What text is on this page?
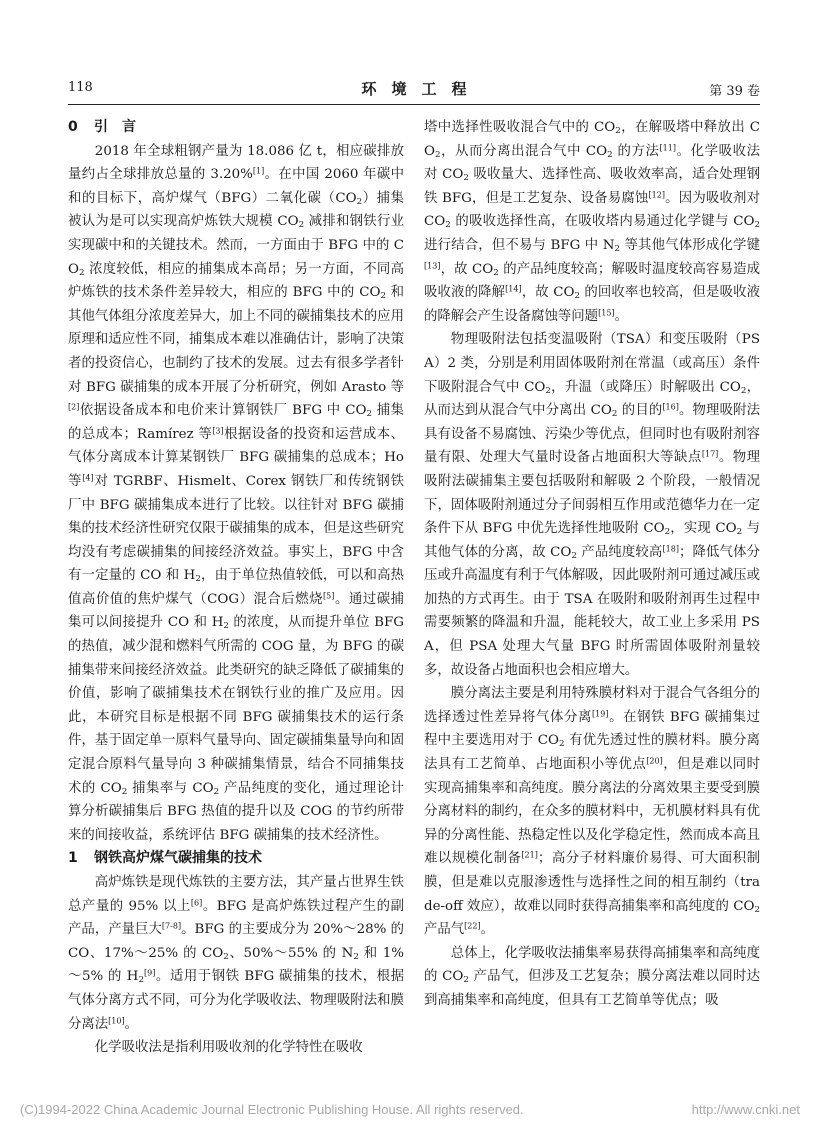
118	环　境　工　程	第 39 卷
0 引　言

2018 年全球粗钢产量为 18.086 亿 t，相应碳排放量约占全球排放总量的 3.20%[1]。在中国 2060 年碳中和的目标下，高炉煤气（BFG）二氧化碳$(CO_2)$捕集被认为是可以实现高炉炼铁大规模 $CO_2$ 减排和钢铁行业实现碳中和的关键技术。然而，一方面由于 BFG 中的 $CO_2$ 浓度较低，相应的捕集成本高昂；另一方面，不同高炉炼铁的技术条件差异较大，相应的 BFG 中的 $CO_2$ 和其他气体组分浓度差异大，加上不同的碳捕集技术的应用原理和适应性不同，捕集成本难以准确估计，影响了决策者的投资信心，也制约了技术的发展。过去有很多学者针对 BFG 碳捕集的成本开展了分析研究，例如 Arasto 等[2]依据设备成本和电价来计算钢铁厂 BFG 中 $CO_2$ 捕集的总成本；Ramírez 等[3]根据设备的投资和运营成本、气体分离成本计算某钢铁厂 BFG 碳捕集的总成本；Ho 等[4]对 TGRBF、Hismelt、Corex 钢铁厂和传统钢铁厂中 BFG 碳捕集成本进行了比较。以往针对 BFG 碳捕集的技术经济性研究仅限于碳捕集的成本，但是这些研究均没有考虑碳捕集的间接经济效益。事实上，BFG 中含有一定量的 CO 和 $H_2$，由于单位热值较低，可以和高热值高价值的焦炉煤气（COG）混合后燃烧[5]。通过碳捕集可以间接提升 CO 和 $H_2$ 的浓度，从而提升单位 BFG 的热值，减少混和燃料气所需的 COG 量，为 BFG 的碳捕集带来间接经济效益。此类研究的缺乏降低了碳捕集的价值，影响了碳捕集技术在钢铁行业的推广及应用。因此，本研究目标是根据不同 BFG 碳捕集技术的运行条件，基于固定单一原料气量导向、固定碳捕集量导向和固定混合原料气量导向 3 种碳捕集情景，结合不同捕集技术的 $CO_2$ 捕集率与 $CO_2$ 产品纯度的变化，通过理论计算分析碳捕集后 BFG 热值的提升以及 COG 的节约所带来的间接收益，系统评估 BFG 碳捕集的技术经济性。

1 钢铁高炉煤气碳捕集的技术

高炉炼铁是现代炼铁的主要方法，其产量占世界生铁总产量的 95% 以上[6]。BFG 是高炉炼铁过程产生的副产品，产量巨大[7-8]。BFG 的主要成分为 20%～28% 的 CO、17%～25% 的 $CO_2$、50%～55% 的 $N_2$ 和 1%～5% 的 $H_2[9]$。适用于钢铁 BFG 碳捕集的技术，根据气体分离方式不同，可分为化学吸收法、物理吸附法和膜分离法[10]。

化学吸收法是指利用吸收剂的化学特性在吸收

塔中选择性吸收混合气中的 $CO_2$，在解吸塔中释放出 $CO_2$，从而分离出混合气中 $CO_2$ 的方法[11]。化学吸收法对 $CO_2$ 吸收量大、选择性高、吸收效率高，适合处理钢铁 BFG，但是工艺复杂、设备易腐蚀[12]。因为吸收剂对 $CO_2$ 的吸收选择性高，在吸收塔内易通过化学键与 $CO_2$ 进行结合，但不易与 BFG 中 $N_2$ 等其他气体形成化学键[13]，故 $CO_2$ 的产品纯度较高；解吸时温度较高容易造成吸收液的降解[14]，故 $CO_2$ 的回收率也较高，但是吸收液的降解会产生设备腐蚀等问题[15]。

物理吸附法包括变温吸附（TSA）和变压吸附（PSA）2 类，分别是利用固体吸附剂在常温（或高压）条件下吸附混合气中 $CO_2$，升温（或降压）时解吸出 $CO_2$，从而达到从混合气中分离出 $CO_2$ 的目的[16]。物理吸附法具有设备不易腐蚀、污染少等优点，但同时也有吸附剂容量有限、处理大气量时设备占地面积大等缺点[17]。物理吸附法碳捕集主要包括吸附和解吸 2 个阶段，一般情况下，固体吸附剂通过分子间弱相互作用或范德华力在一定条件下从 BFG 中优先选择性地吸附 $CO_2$，实现 $CO_2$ 与其他气体的分离，故 $CO_2$ 产品纯度较高[18]；降低气体分压或升高温度有利于气体解吸，因此吸附剂可通过减压或加热的方式再生。由于 TSA 在吸附和吸附剂再生过程中需要频繁的降温和升温，能耗较大，故工业上多采用 PSA，但 PSA 处理大气量 BFG 时所需固体吸附剂量较多，故设备占地面积也会相应增大。

膜分离法主要是利用特殊膜材料对于混合气各组分的选择透过性差异将气体分离[19]。在钢铁 BFG 碳捕集过程中主要选用对于 $CO_2$ 有优先透过性的膜材料。膜分离法具有工艺简单、占地面积小等优点[20]，但是难以同时实现高捕集率和高纯度。膜分离法的分离效果主要受到膜分离材料的制约，在众多的膜材料中，无机膜材料具有优异的分离性能、热稳定性以及化学稳定性，然而成本高且难以规模化制备[21]；高分子材料廉价易得、可大面积制膜，但是难以克服渗透性与选择性之间的相互制约（trade-off 效应），故难以同时获得高捕集率和高纯度的 $CO_2$ 产品气[22]。

总体上，化学吸收法捕集率易获得高捕集率和高纯度的 $CO_2$ 产品气，但涉及工艺复杂；膜分离法难以同时达到高捕集率和高纯度，但具有工艺简单等优点；吸

(C)1994-2022 China Academic Journal Electronic Publishing House. All rights reserved.	http://www.cnki.net
